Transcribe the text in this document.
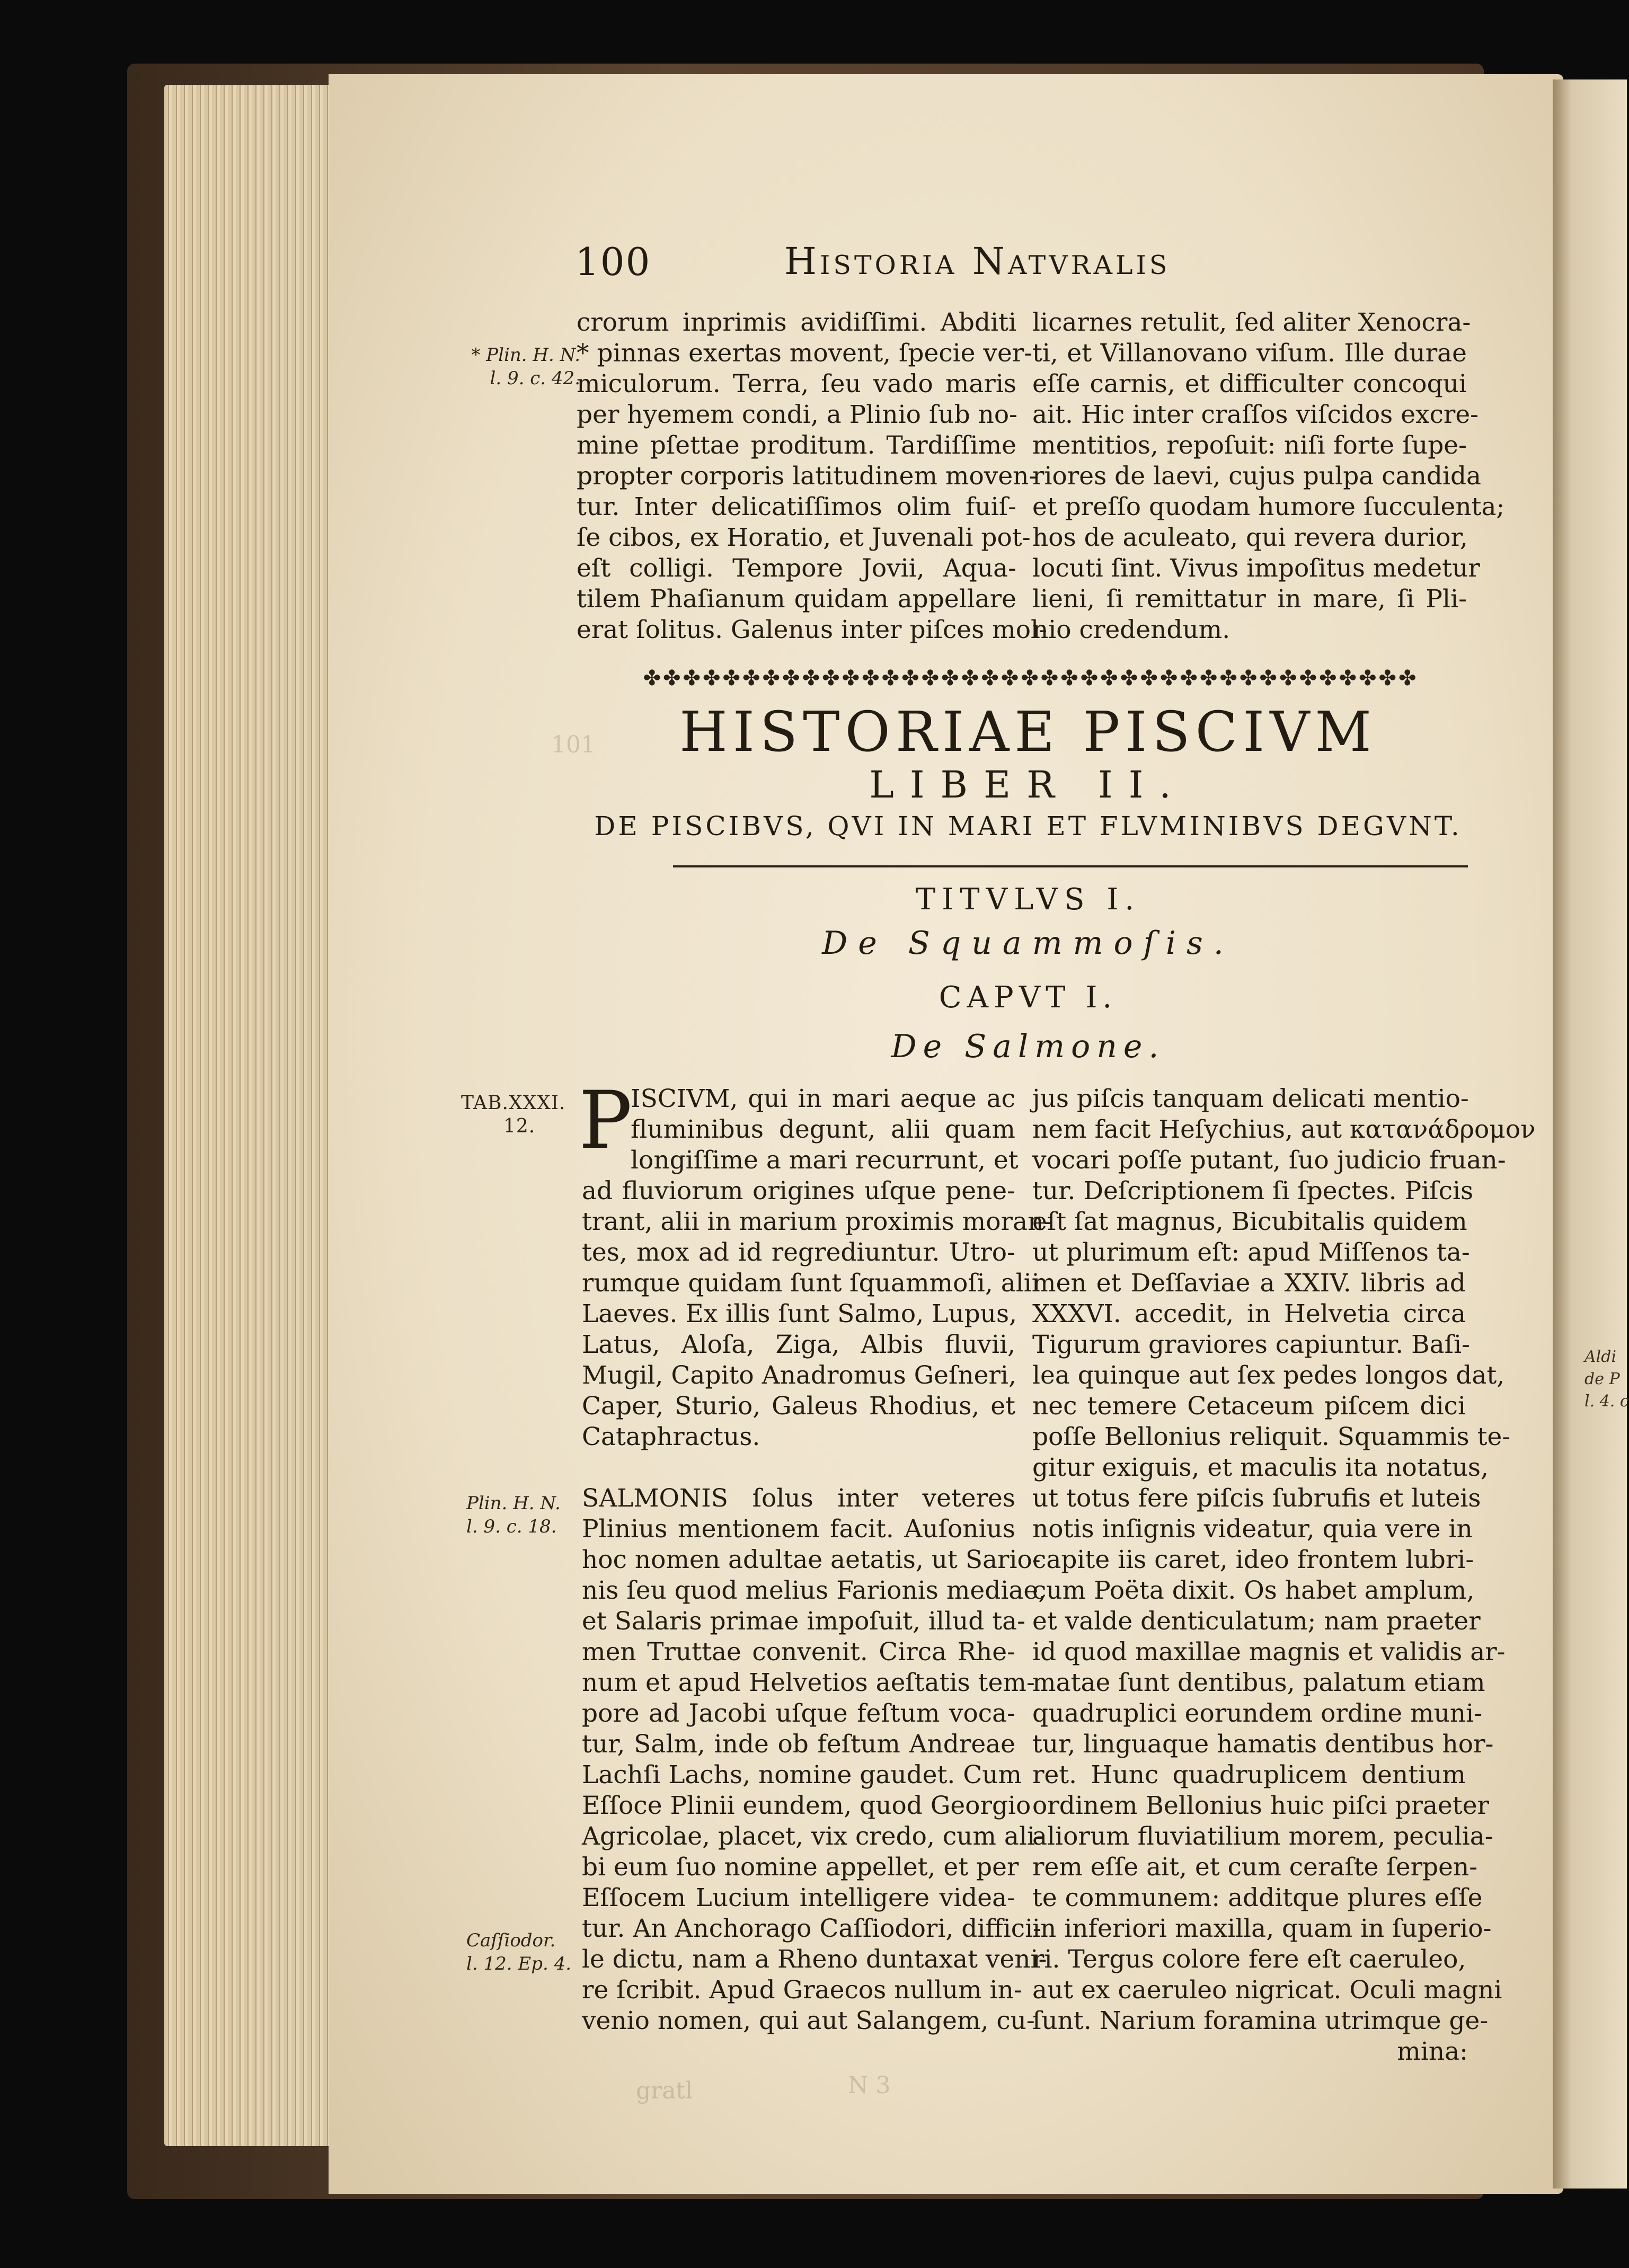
Aldi
de P
l. 4. c
101
gratl	N 3
100	Historia Natvralis
* Plin. H. N.
l. 9. c. 42.
crorum inprimis avidiſſimi. Abditi
* pinnas exertas movent, ſpecie ver-
miculorum. Terra, ſeu vado maris
per hyemem condi, a Plinio ſub no-
mine pſettae proditum. Tardiſſime
propter corporis latitudinem moven-
tur. Inter delicatiſſimos olim fuiſ-
ſe cibos, ex Horatio, et Juvenali pot-
eſt colligi. Tempore Jovii, Aqua-
tilem Phaſianum quidam appellare
erat ſolitus. Galenus inter piſces mol-
licarnes retulit, ſed aliter Xenocra-
ti, et Villanovano viſum. Ille durae
eſſe carnis, et difficulter concoqui
ait. Hic inter craſſos viſcidos excre-
mentitios, repoſuit: niſi forte ſupe-
riores de laevi, cujus pulpa candida
et preſſo quodam humore ſucculenta;
hos de aculeato, qui revera durior,
locuti ſint. Vivus impoſitus medetur
lieni, ſi remittatur in mare, ſi Pli-
nio credendum.
✤✤✤✤✤✤✤✤✤✤✤✤✤✤✤✤✤✤✤✤✤✤✤✤✤✤✤✤✤✤✤✤✤✤✤✤✤✤✤
HISTORIAE PISCIVM
LIBER II.
DE PISCIBVS, QVI IN MARI ET FLVMINIBVS DEGVNT.
TITVLVS I.
De Squammoſis.
CAPVT I.
De Salmone.
TAB.XXXI.
12.
Plin. H. N.
l. 9. c. 18.
Caſſiodor.
l. 12. Ep. 4.
P
ISCIVM, qui in mari aeque ac
fluminibus degunt, alii quam
longiſſime a mari recurrunt, et
ad fluviorum origines uſque pene-
trant, alii in marium proximis moran-
tes, mox ad id regrediuntur. Utro-
rumque quidam ſunt ſquammoſi, alii
Laeves. Ex illis ſunt Salmo, Lupus,
Latus, Aloſa, Ziga, Albis fluvii,
Mugil, Capito Anadromus Geſneri,
Caper, Sturio, Galeus Rhodius, et
Cataphractus.

SALMONIS ſolus inter veteres
Plinius mentionem facit. Auſonius
hoc nomen adultae aetatis, ut Sario-
nis ſeu quod melius Farionis mediae,
et Salaris primae impoſuit, illud ta-
men Truttae convenit. Circa Rhe-
num et apud Helvetios aeſtatis tem-
pore ad Jacobi uſque feſtum voca-
tur, Salm, inde ob feſtum Andreae
Lachſi Lachs, nomine gaudet. Cum
Eſſoce Plinii eundem, quod Georgio
Agricolae, placet, vix credo, cum ali-
bi eum ſuo nomine appellet, et per
Eſſocem Lucium intelligere videa-
tur. An Anchorago Caſſiodori, diffici-
le dictu, nam a Rheno duntaxat veni-
re ſcribit. Apud Graecos nullum in-
venio nomen, qui aut Salangem, cu-
jus piſcis tanquam delicati mentio-
nem facit Heſychius, aut κατανάδρομον
vocari poſſe putant, ſuo judicio fruan-
tur. Deſcriptionem ſi ſpectes. Piſcis
eſt ſat magnus, Bicubitalis quidem
ut plurimum eſt: apud Miſſenos ta-
men et Deſſaviae a XXIV. libris ad
XXXVI. accedit, in Helvetia circa
Tigurum graviores capiuntur. Baſi-
lea quinque aut ſex pedes longos dat,
nec temere Cetaceum piſcem dici
poſſe Bellonius reliquit. Squammis te-
gitur exiguis, et maculis ita notatus,
ut totus fere piſcis ſubrufis et luteis
notis inſignis videatur, quia vere in
capite iis caret, ideo frontem lubri-
cum Poëta dixit. Os habet amplum,
et valde denticulatum; nam praeter
id quod maxillae magnis et validis ar-
matae ſunt dentibus, palatum etiam
quadruplici eorundem ordine muni-
tur, linguaque hamatis dentibus hor-
ret. Hunc quadruplicem dentium
ordinem Bellonius huic piſci praeter
aliorum fluviatilium morem, peculia-
rem eſſe ait, et cum ceraſte ſerpen-
te communem: additque plures eſſe
in inferiori maxilla, quam in ſuperio-
ri. Tergus colore fere eſt caeruleo,
aut ex caeruleo nigricat. Oculi magni
ſunt. Narium foramina utrimque ge-
mina:
